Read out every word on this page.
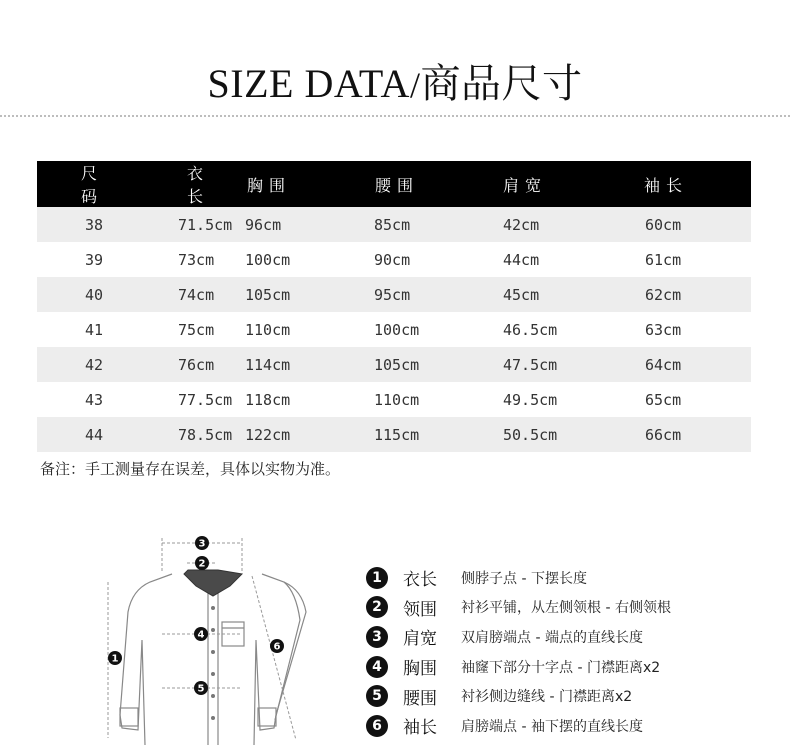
SIZE DATA/商品尺寸
尺码	衣长	胸围	腰围	肩宽	袖长
38	71.5cm	96cm	85cm	42cm	60cm
39	73cm	100cm	90cm	44cm	61cm
40	74cm	105cm	95cm	45cm	62cm
41	75cm	110cm	100cm	46.5cm	63cm
42	76cm	114cm	105cm	47.5cm	64cm
43	77.5cm	118cm	110cm	49.5cm	65cm
44	78.5cm	122cm	115cm	50.5cm	66cm
备注：手工测量存在误差，具体以实物为准。
3
2
4
5
1
6
1	衣长	侧脖子点 - 下摆长度
2	领围	衬衫平铺，从左侧领根 - 右侧领根
3	肩宽	双肩膀端点 - 端点的直线长度
4	胸围	袖窿下部分十字点 - 门襟距离x2
5	腰围	衬衫侧边缝线 - 门襟距离x2
6	袖长	肩膀端点 - 袖下摆的直线长度
